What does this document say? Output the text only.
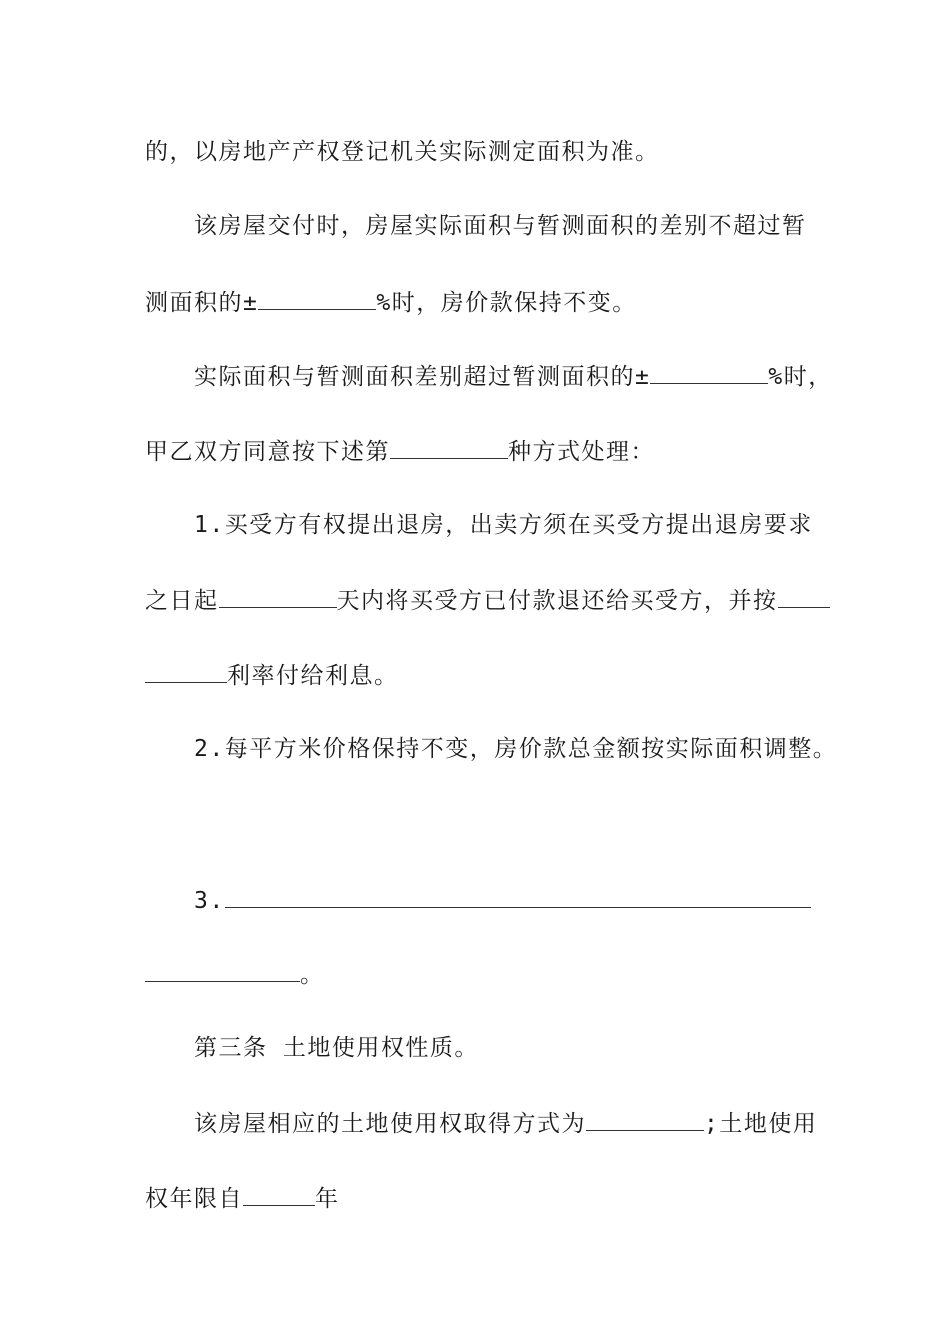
的，以房地产产权登记机关实际测定面积为准。
该房屋交付时，房屋实际面积与暂测面积的差别不超过暂
测面积的±	%时，房价款保持不变。
实际面积与暂测面积差别超过暂测面积的±	%时，
甲乙双方同意按下述第	种方式处理：
1.买受方有权提出退房，出卖方须在买受方提出退房要求
之日起	天内将买受方已付款退还给买受方，并按
利率付给利息。
2.每平方米价格保持不变，房价款总金额按实际面积调整。
3.
。
第三条 土地使用权性质。
该房屋相应的土地使用权取得方式为	;土地使用
权年限自	年
